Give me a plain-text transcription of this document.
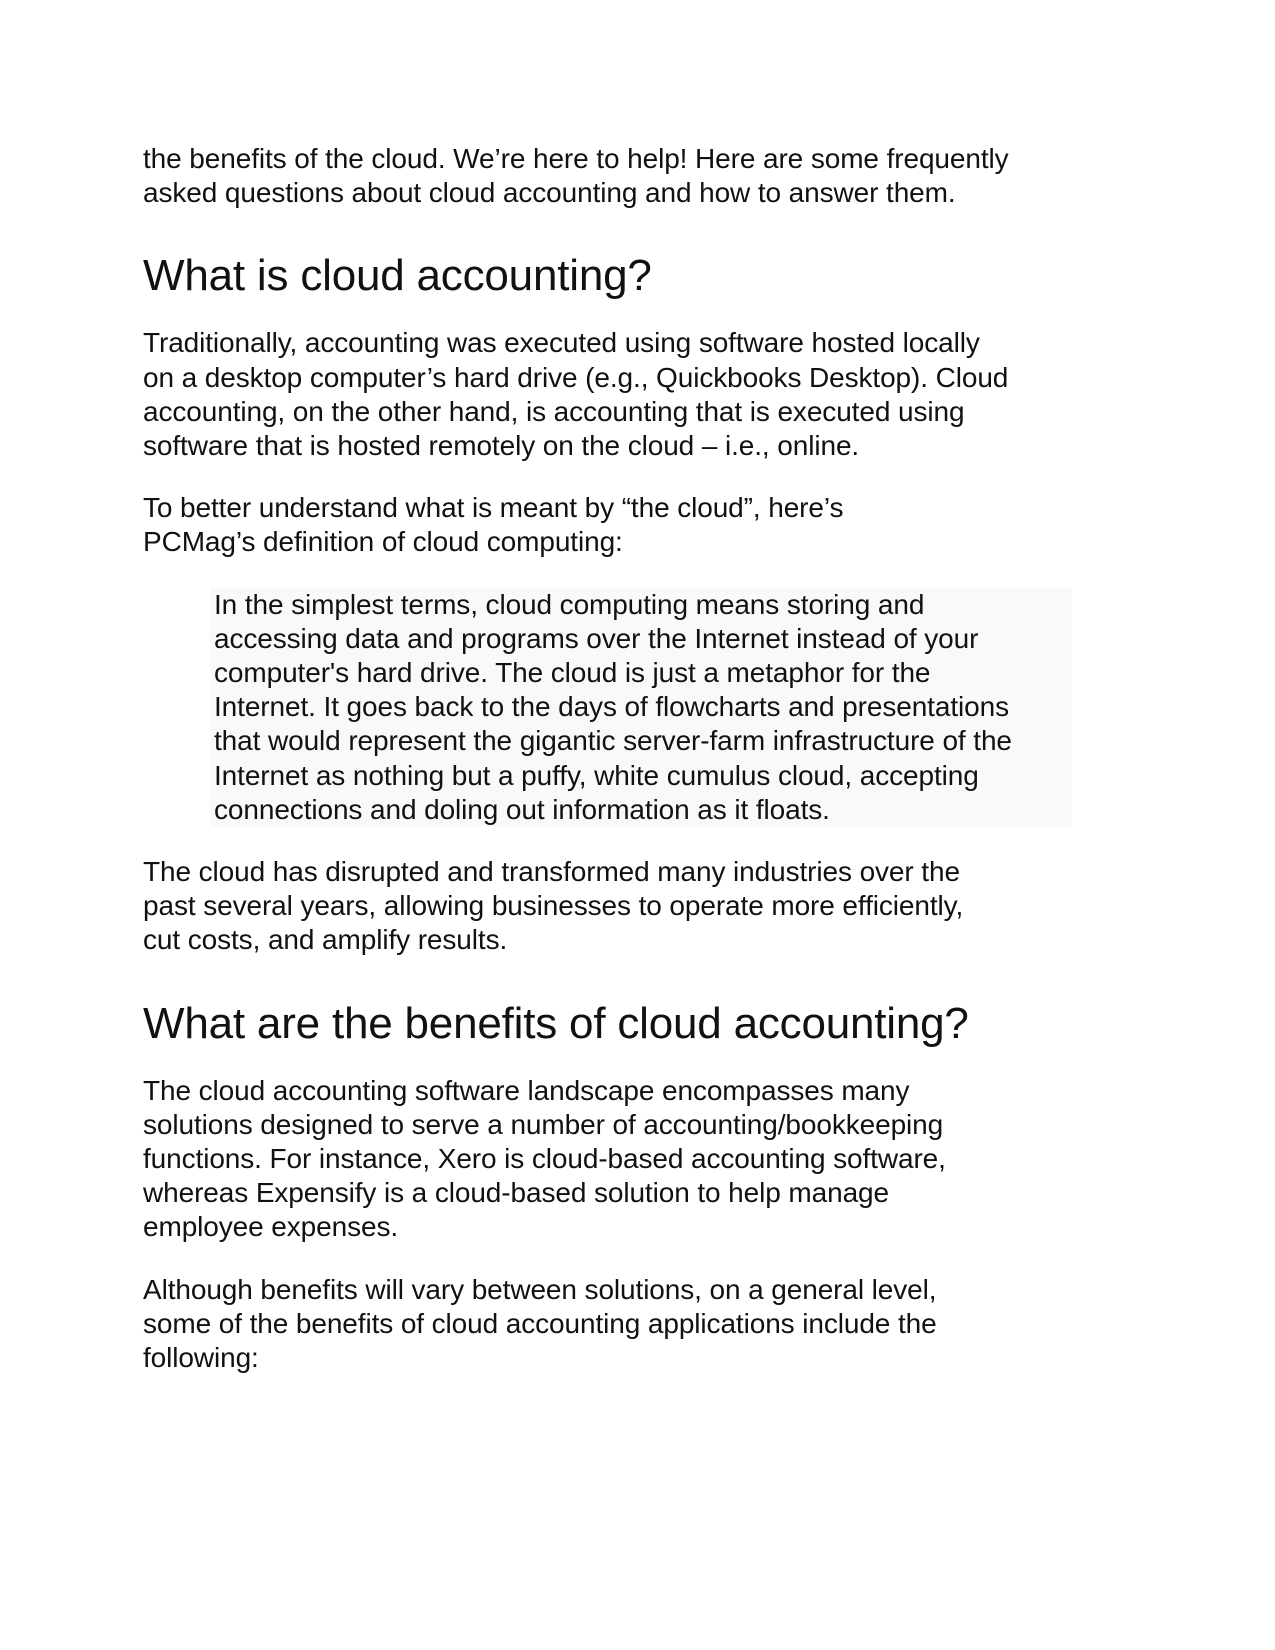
the benefits of the cloud. We’re here to help! Here are some frequently
asked questions about cloud accounting and how to answer them.

What is cloud accounting?

Traditionally, accounting was executed using software hosted locally
on a desktop computer’s hard drive (e.g., Quickbooks Desktop). Cloud
accounting, on the other hand, is accounting that is executed using
software that is hosted remotely on the cloud – i.e., online.

To better understand what is meant by “the cloud”, here’s
PCMag’s definition of cloud computing:

In the simplest terms, cloud computing means storing and
accessing data and programs over the Internet instead of your
computer's hard drive. The cloud is just a metaphor for the
Internet. It goes back to the days of flowcharts and presentations
that would represent the gigantic server-farm infrastructure of the
Internet as nothing but a puffy, white cumulus cloud, accepting
connections and doling out information as it floats.

The cloud has disrupted and transformed many industries over the
past several years, allowing businesses to operate more efficiently,
cut costs, and amplify results.

What are the benefits of cloud accounting?

The cloud accounting software landscape encompasses many
solutions designed to serve a number of accounting/bookkeeping
functions. For instance, Xero is cloud-based accounting software,
whereas Expensify is a cloud-based solution to help manage
employee expenses.

Although benefits will vary between solutions, on a general level,
some of the benefits of cloud accounting applications include the
following:
